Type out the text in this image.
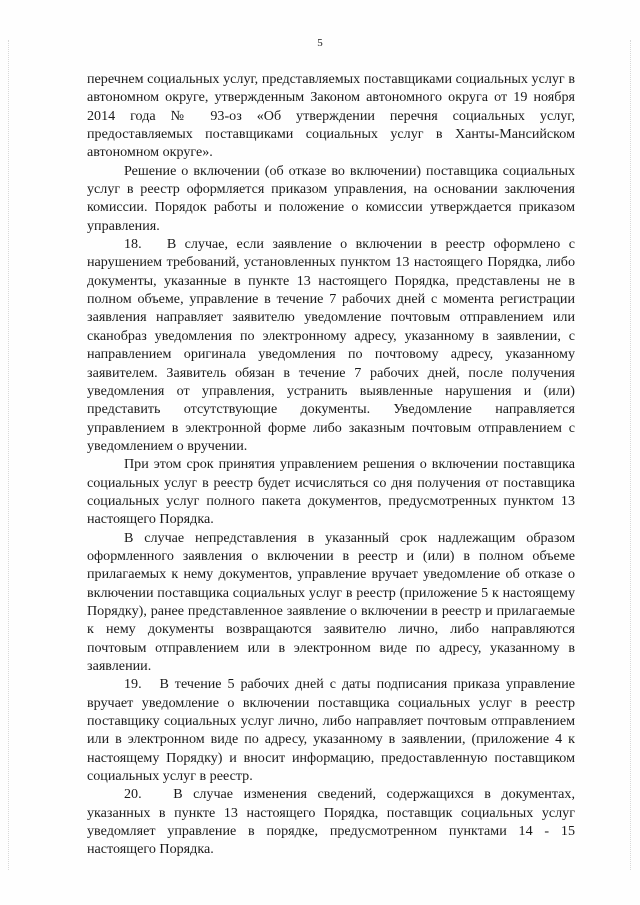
5

перечнем социальных услуг, представляемых поставщиками социальных услуг в автономном округе, утвержденным Законом автономного округа от 19 ноября 2014 года № 93-оз «Об утверждении перечня социальных услуг, предоставляемых поставщиками социальных услуг в Ханты-Мансийском автономном округе».

Решение о включении (об отказе во включении) поставщика социальных услуг в реестр оформляется приказом управления, на основании заключения комиссии. Порядок работы и положение о комиссии утверждается приказом управления.

18.   В случае, если заявление о включении в реестр оформлено с нарушением требований, установленных пунктом 13 настоящего Порядка, либо документы, указанные в пункте 13 настоящего Порядка, представлены не в полном объеме, управление в течение 7 рабочих дней с момента регистрации заявления направляет заявителю уведомление почтовым отправлением или сканобраз уведомления по электронному адресу, указанному в заявлении, с направлением оригинала уведомления по почтовому адресу, указанному заявителем. Заявитель обязан в течение 7 рабочих дней, после получения уведомления от управления, устранить выявленные нарушения и (или) представить отсутствующие документы. Уведомление направляется управлением в электронной форме либо заказным почтовым отправлением с уведомлением о вручении.

При этом срок принятия управлением решения о включении поставщика социальных услуг в реестр будет исчисляться со дня получения от поставщика социальных услуг полного пакета документов, предусмотренных пунктом 13 настоящего Порядка.

В случае непредставления в указанный срок надлежащим образом оформленного заявления о включении в реестр и (или) в полном объеме прилагаемых к нему документов, управление вручает уведомление об отказе о включении поставщика социальных услуг в реестр (приложение 5 к настоящему Порядку), ранее представленное заявление о включении в реестр и прилагаемые к нему документы возвращаются заявителю лично, либо направляются почтовым отправлением или в электронном виде по адресу, указанному в заявлении.

19.   В течение 5 рабочих дней с даты подписания приказа управление вручает уведомление о включении поставщика социальных услуг в реестр поставщику социальных услуг лично, либо направляет почтовым отправлением или в электронном виде по адресу, указанному в заявлении, (приложение 4 к настоящему Порядку) и вносит информацию, предоставленную поставщиком социальных услуг в реестр.

20.   В случае изменения сведений, содержащихся в документах, указанных в пункте 13 настоящего Порядка, поставщик социальных услуг уведомляет управление в порядке, предусмотренном пунктами 14 - 15 настоящего Порядка.
